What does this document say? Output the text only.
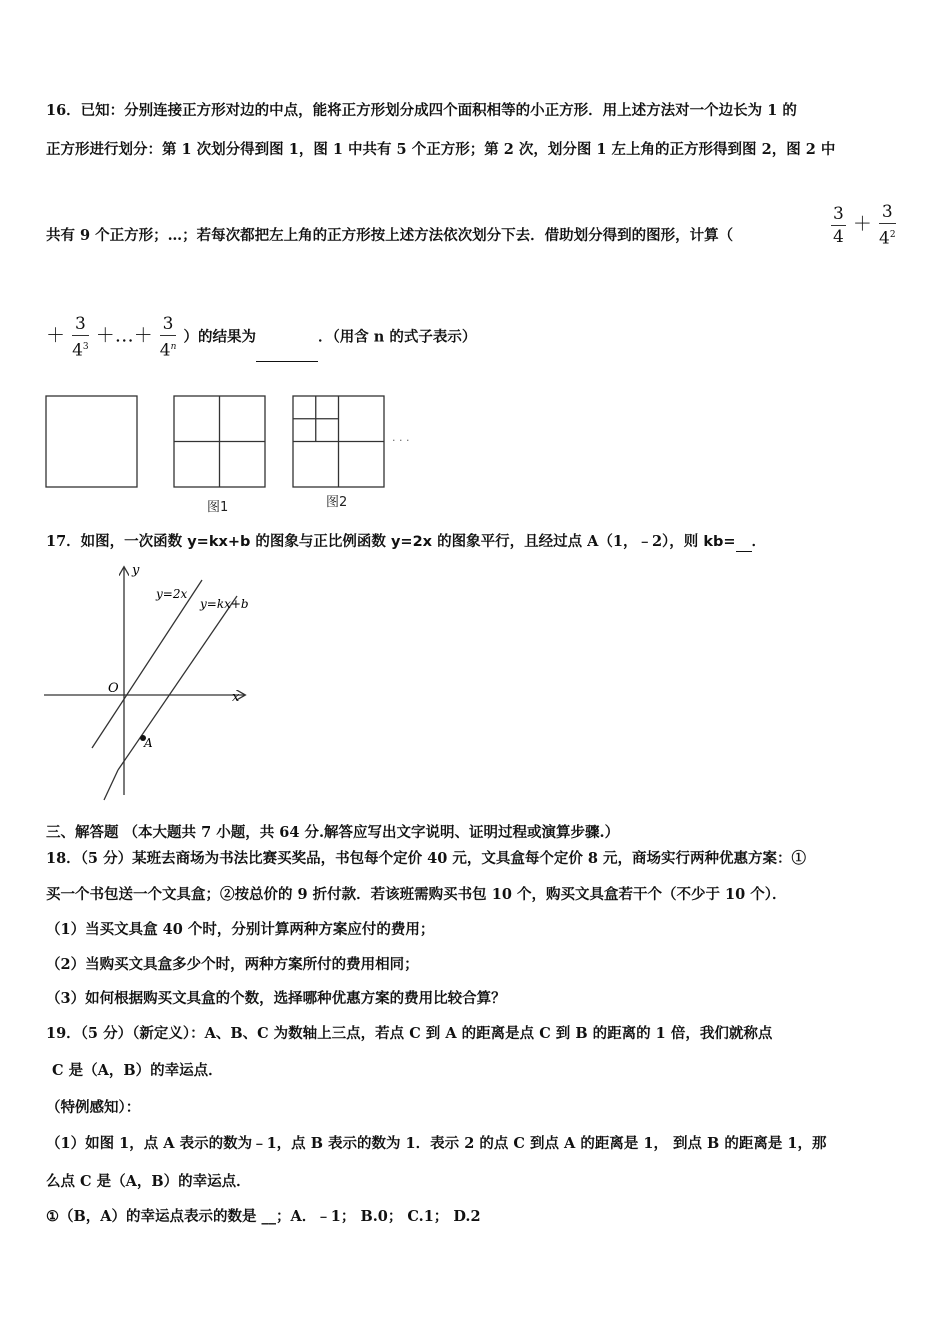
16．已知：分别连接正方形对边的中点，能将正方形划分成四个面积相等的小正方形．用上述方法对一个边长为 1 的
正方形进行划分：第 1 次划分得到图 1，图 1 中共有 5 个正方形；第 2 次，划分图 1 左上角的正方形得到图 2，图 2 中
共有 9 个正方形；…；若每次都把左上角的正方形按上述方法依次划分下去．借助划分得到的图形，计算（	$\frac{3}{4} + \frac{3}{4^2}$
＋ $\frac{3}{4^3}$ ＋…＋ $\frac{3}{4^n}$ ）的结果为	．（用含 n 的式子表示）
图1	图2
· · ·
17．如图，一次函数 y=kx+b 的图象与正比例函数 y=2x 的图象平行，且经过点 A（1，﹣2），则 kb= ．
y
x
O
y=2x
y=kx+b
A
三、解答题 （本大题共 7 小题，共 64 分.解答应写出文字说明、证明过程或演算步骤.）
18．（5 分）某班去商场为书法比赛买奖品，书包每个定价 40 元，文具盒每个定价 8 元，商场实行两种优惠方案：①
买一个书包送一个文具盒；②按总价的 9 折付款．若该班需购买书包 10 个，购买文具盒若干个（不少于 10 个）．
（1）当买文具盒 40 个时，分别计算两种方案应付的费用；
（2）当购买文具盒多少个时，两种方案所付的费用相同；
（3）如何根据购买文具盒的个数，选择哪种优惠方案的费用比较合算？
19．（5 分）（新定义）：A、B、C 为数轴上三点，若点 C 到 A 的距离是点 C 到 B 的距离的 1 倍，我们就称点
C 是（A，B）的幸运点．
（特例感知）：
（1）如图 1，点 A 表示的数为﹣1，点 B 表示的数为 1．表示 2 的点 C 到点 A 的距离是 1， 到点 B 的距离是 1，那
么点 C 是（A，B）的幸运点．
①（B，A）的幸运点表示的数是 __；A．﹣1； B.0； C.1； D.2
